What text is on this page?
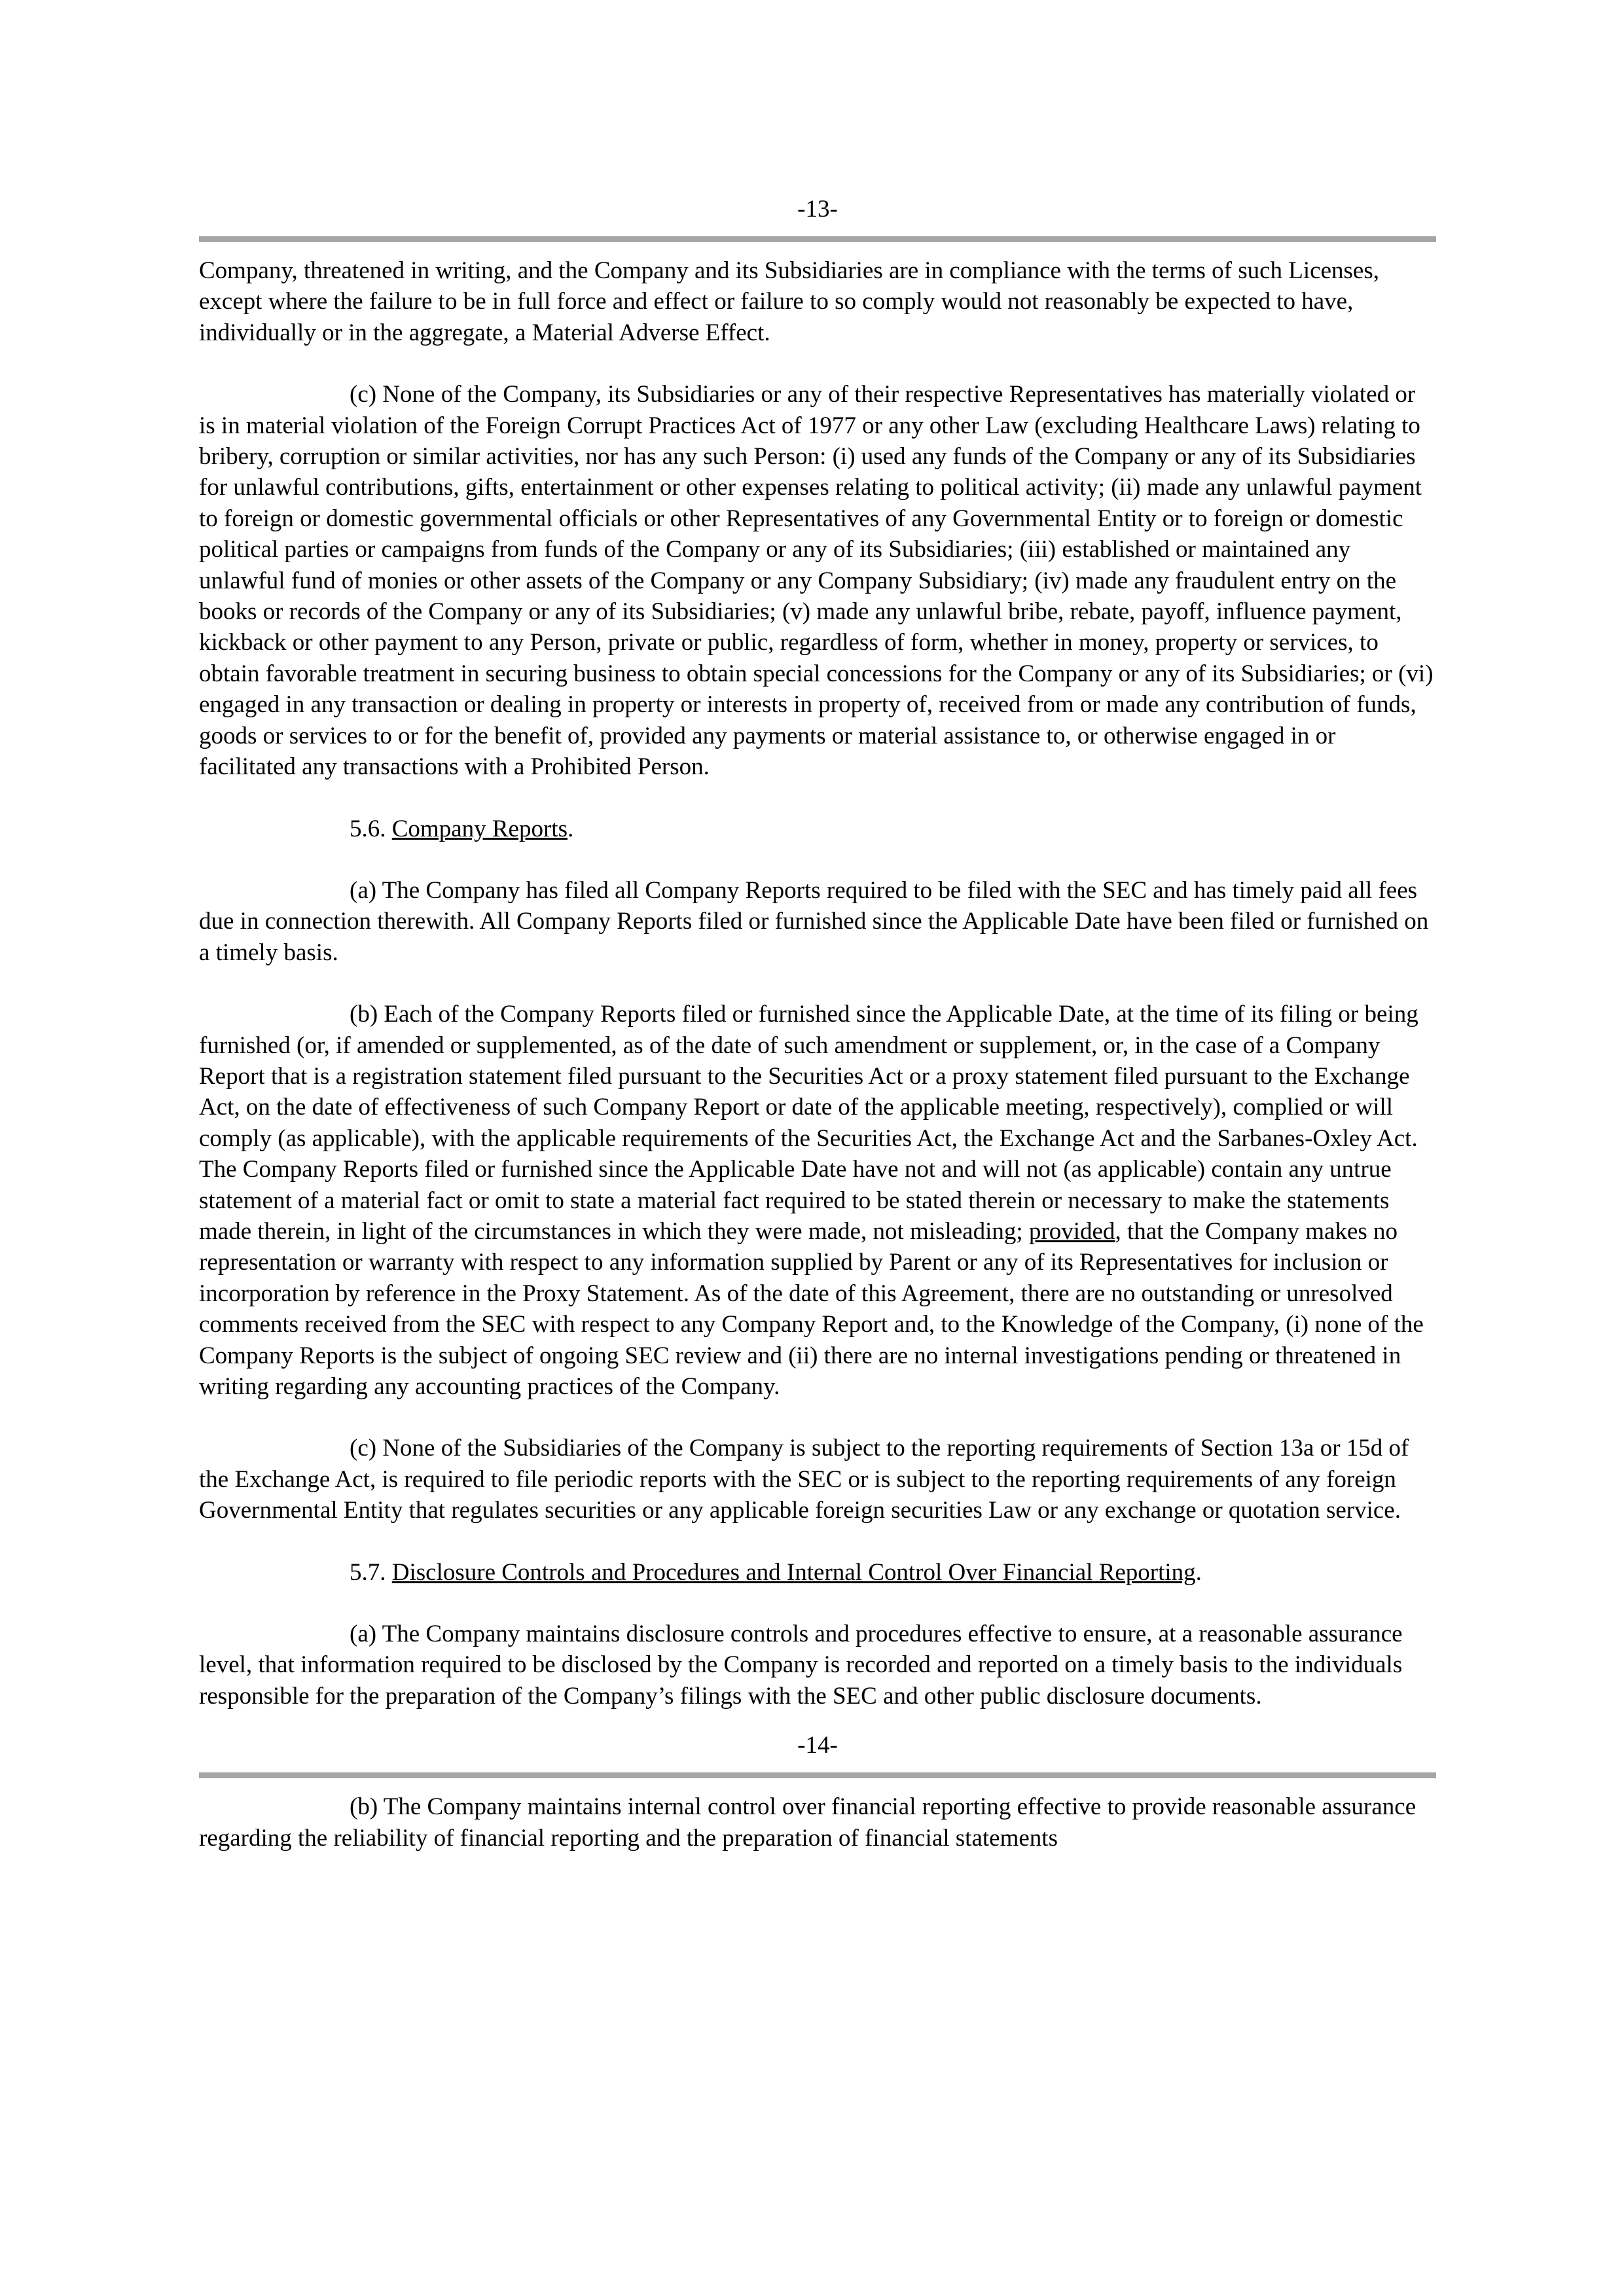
-13-

Company, threatened in writing, and the Company and its Subsidiaries are in compliance with the terms of such Licenses, except where the failure to be in full force and effect or failure to so comply would not reasonably be expected to have, individually or in the aggregate, a Material Adverse Effect.

(c) None of the Company, its Subsidiaries or any of their respective Representatives has materially violated or is in material violation of the Foreign Corrupt Practices Act of 1977 or any other Law (excluding Healthcare Laws) relating to bribery, corruption or similar activities, nor has any such Person: (i) used any funds of the Company or any of its Subsidiaries for unlawful contributions, gifts, entertainment or other expenses relating to political activity; (ii) made any unlawful payment to foreign or domestic governmental officials or other Representatives of any Governmental Entity or to foreign or domestic political parties or campaigns from funds of the Company or any of its Subsidiaries; (iii) established or maintained any unlawful fund of monies or other assets of the Company or any Company Subsidiary; (iv) made any fraudulent entry on the books or records of the Company or any of its Subsidiaries; (v) made any unlawful bribe, rebate, payoff, influence payment, kickback or other payment to any Person, private or public, regardless of form, whether in money, property or services, to obtain favorable treatment in securing business to obtain special concessions for the Company or any of its Subsidiaries; or (vi) engaged in any transaction or dealing in property or interests in property of, received from or made any contribution of funds, goods or services to or for the benefit of, provided any payments or material assistance to, or otherwise engaged in or facilitated any transactions with a Prohibited Person.

5.6. Company Reports.

(a) The Company has filed all Company Reports required to be filed with the SEC and has timely paid all fees due in connection therewith. All Company Reports filed or furnished since the Applicable Date have been filed or furnished on a timely basis.

(b) Each of the Company Reports filed or furnished since the Applicable Date, at the time of its filing or being furnished (or, if amended or supplemented, as of the date of such amendment or supplement, or, in the case of a Company Report that is a registration statement filed pursuant to the Securities Act or a proxy statement filed pursuant to the Exchange Act, on the date of effectiveness of such Company Report or date of the applicable meeting, respectively), complied or will comply (as applicable), with the applicable requirements of the Securities Act, the Exchange Act and the Sarbanes-Oxley Act. The Company Reports filed or furnished since the Applicable Date have not and will not (as applicable) contain any untrue statement of a material fact or omit to state a material fact required to be stated therein or necessary to make the statements made therein, in light of the circumstances in which they were made, not misleading; provided, that the Company makes no representation or warranty with respect to any information supplied by Parent or any of its Representatives for inclusion or incorporation by reference in the Proxy Statement. As of the date of this Agreement, there are no outstanding or unresolved comments received from the SEC with respect to any Company Report and, to the Knowledge of the Company, (i) none of the Company Reports is the subject of ongoing SEC review and (ii) there are no internal investigations pending or threatened in writing regarding any accounting practices of the Company.

(c) None of the Subsidiaries of the Company is subject to the reporting requirements of Section 13a or 15d of the Exchange Act, is required to file periodic reports with the SEC or is subject to the reporting requirements of any foreign Governmental Entity that regulates securities or any applicable foreign securities Law or any exchange or quotation service.

5.7. Disclosure Controls and Procedures and Internal Control Over Financial Reporting.

(a) The Company maintains disclosure controls and procedures effective to ensure, at a reasonable assurance level, that information required to be disclosed by the Company is recorded and reported on a timely basis to the individuals responsible for the preparation of the Company’s filings with the SEC and other public disclosure documents.

-14-

(b) The Company maintains internal control over financial reporting effective to provide reasonable assurance regarding the reliability of financial reporting and the preparation of financial statements
